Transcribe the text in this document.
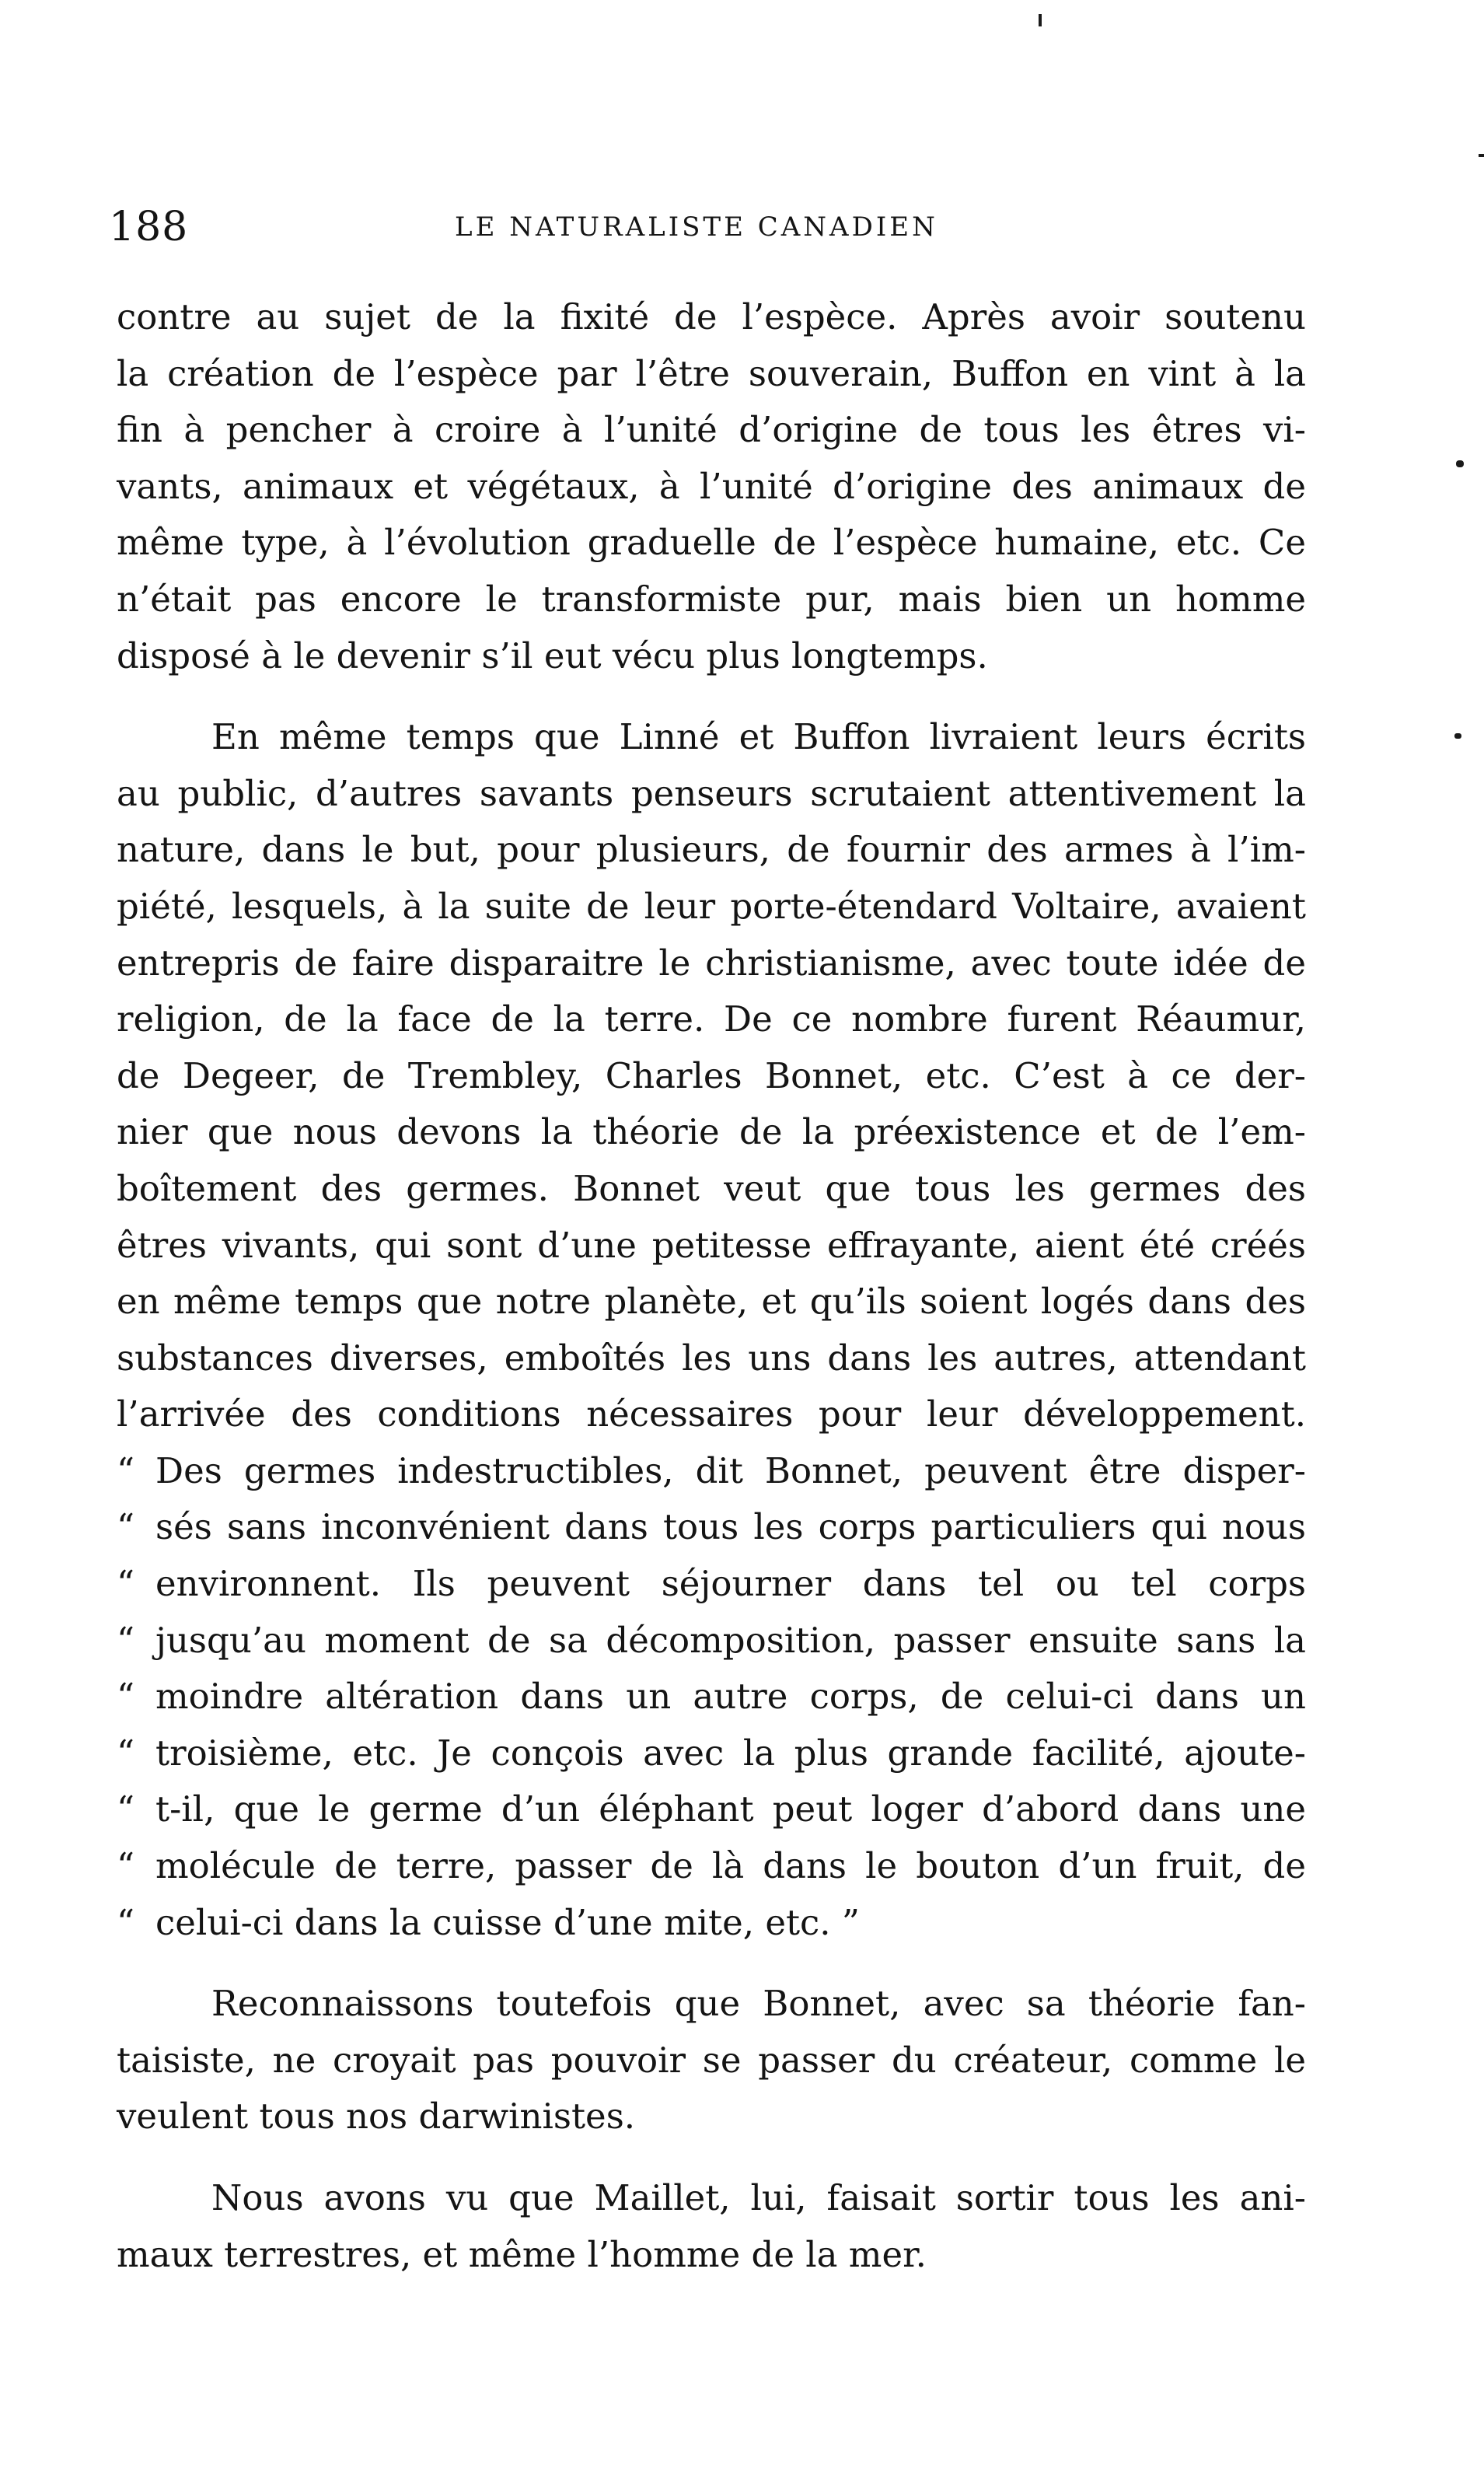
188	LE NATURALISTE CANADIEN

contre au sujet de la fixité de l’espèce. Après avoir soutenu
la création de l’espèce par l’être souverain, Buffon en vint à la
fin à pencher à croire à l’unité d’origine de tous les êtres vi-
vants, animaux et végétaux, à l’unité d’origine des animaux de
même type, à l’évolution graduelle de l’espèce humaine, etc. Ce
n’était pas encore le transformiste pur, mais bien un homme
disposé à le devenir s’il eut vécu plus longtemps.

En même temps que Linné et Buffon livraient leurs écrits
au public, d’autres savants penseurs scrutaient attentivement la
nature, dans le but, pour plusieurs, de fournir des armes à l’im-
piété, lesquels, à la suite de leur porte-étendard Voltaire, avaient
entrepris de faire disparaitre le christianisme, avec toute idée de
religion, de la face de la terre. De ce nombre furent Réaumur,
de Degeer, de Trembley, Charles Bonnet, etc. C’est à ce der-
nier que nous devons la théorie de la préexistence et de l’em-
boîtement des germes. Bonnet veut que tous les germes des
êtres vivants, qui sont d’une petitesse effrayante, aient été créés
en même temps que notre planète, et qu’ils soient logés dans des
substances diverses, emboîtés les uns dans les autres, attendant
l’arrivée des conditions nécessaires pour leur développement.
“ Des germes indestructibles, dit Bonnet, peuvent être disper-
“ sés sans inconvénient dans tous les corps particuliers qui nous
“ environnent. Ils peuvent séjourner dans tel ou tel corps
“ jusqu’au moment de sa décomposition, passer ensuite sans la
“ moindre altération dans un autre corps, de celui-ci dans un
“ troisième, etc. Je conçois avec la plus grande facilité, ajoute-
“ t-il, que le germe d’un éléphant peut loger d’abord dans une
“ molécule de terre, passer de là dans le bouton d’un fruit, de
“ celui-ci dans la cuisse d’une mite, etc. ”

Reconnaissons toutefois que Bonnet, avec sa théorie fan-
taisiste, ne croyait pas pouvoir se passer du créateur, comme le
veulent tous nos darwinistes.

Nous avons vu que Maillet, lui, faisait sortir tous les ani-
maux terrestres, et même l’homme de la mer.
